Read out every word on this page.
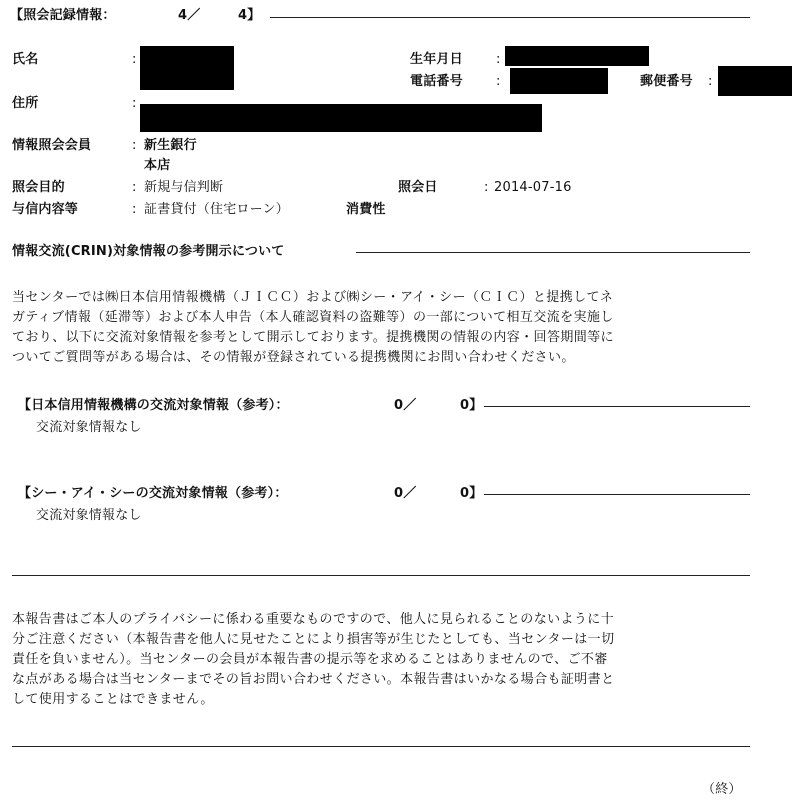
【照会記録情報：	4／	4】
氏名	:	生年月日	:
電話番号	:	郵便番号 :
住所	:
情報照会会員	: 新生銀行
本店
照会目的	: 新規与信判断	照会日	: 2014-07-16
与信内容等	: 証書貸付（住宅ローン）	消費性
情報交流(CRIN)対象情報の参考開示について
当センターでは㈱日本信用情報機構（ＪＩＣＣ）および㈱シー・アイ・シー（ＣＩＣ）と提携してネ
ガティブ情報（延滞等）および本人申告（本人確認資料の盗難等）の一部について相互交流を実施し
ており、以下に交流対象情報を参考として開示しております。提携機関の情報の内容・回答期間等に
ついてご質問等がある場合は、その情報が登録されている提携機関にお問い合わせください。
【日本信用情報機構の交流対象情報（参考）：	0／	0】
交流対象情報なし
【シー・アイ・シーの交流対象情報（参考）：	0／	0】
交流対象情報なし
本報告書はご本人のプライバシーに係わる重要なものですので、他人に見られることのないように十
分ご注意ください（本報告書を他人に見せたことにより損害等が生じたとしても、当センターは一切
責任を負いません）。当センターの会員が本報告書の提示等を求めることはありませんので、ご不審
な点がある場合は当センターまでその旨お問い合わせください。本報告書はいかなる場合も証明書と
して使用することはできません。
（終）
